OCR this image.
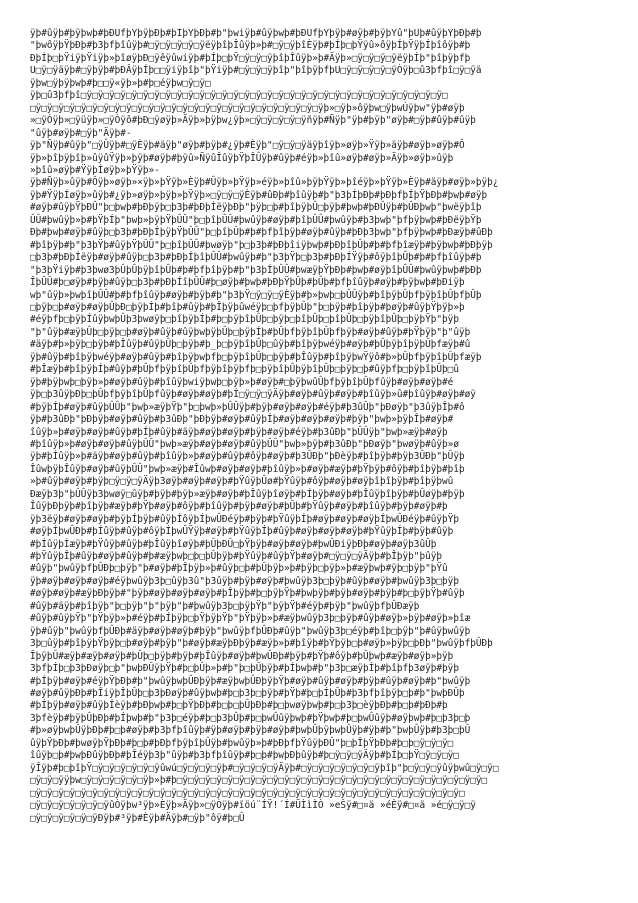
ÿþ#ûÿþ#þÿþwþ#þÐÛfþŸþÿþÐþ#þÍþŸþÐþ#þ"þwiÿþ#ûÿþwþ#þÐÛfþŸþÿþ#øÿþ#þÿþŸû"þÛþ#ûÿþŸþÐþ#þ
"þwôÿþŸþÐþ#þ3þfþîûÿþ#□ÿ□ÿ□ÿ□ÿ□ÿëÿþîþÎûÿþ»þ#□ÿ□ÿþîÈÿþ#þÍþ□þŸÿû»ôÿþÍþŸÿþÍþîôÿþ#þ
ÐþÍþ□þŸiÿþŸiÿþ»þîøÿþÐ□ÿêÿûwiÿþ#þÍþ□þŸ□ÿ□ÿ□ÿþîþÎûÿþ»þ#Äÿþ»□ÿ□ÿ□ÿ□ÿëÿþÍþ"þîþÿþfþ
U□ÿ□ÿäÿþ#□ÿþÿþ#þÐÂÿþÍþ□□ÿiÿþîþ"þŸiÿþ#□ÿ□ÿ□ÿþîþ"þîþÿþfþU□ÿ□ÿ□ÿ□ÿ□ÿÒÿþ□û3þfþî□ÿ□ÿä
ÿþw□ÿþÿþwþ#þ□□ÿ«ÿþ»þ#þ□éÿþw□ÿ□ÿ□
ÿþ□û3þfþî□ÿ□ÿ□ÿ□ÿ□ÿ□ÿ□ÿ□ÿ□ÿ□ÿ□ÿ□ÿ□ÿ□ÿ□ÿ□ÿ□ÿ□ÿ□ÿ□ÿ□ÿ□ÿ□ÿ□ÿ□ÿ□ÿ□ÿ□ÿ□ÿ□ÿ□ÿ□ÿ□
□ÿ□ÿ□ÿ□ÿ□ÿ□ÿ□ÿ□ÿ□ÿ□ÿ□ÿ□ÿ□ÿ□ÿ□ÿ□ÿ□ÿ□ÿ□ÿ□ÿ□ÿ□ÿ□ÿ□ÿ□ÿ□ÿþ»□ÿþ»ôÿþw□ÿþwÙÿþw"ÿþ#øÿþ
»□ÿÒÿþ»□ÿüÿþ»□ÿÒÿô#þÐ□ÿøÿþ»Äÿþ»þÿþw¿ÿþ»□ÿ□ÿ□ÿ□ÿ□ÿñÿþ#Ñÿþ"ÿþ#þÿþ"øÿþ#□ÿþ#ûÿþ#ûÿþ
"ûÿþ#øÿþ#□ÿþ"Äÿþ#-
ÿþ"Ñÿþ#ûÿþ"□ÿÛÿþ#□ÿÈÿþ#äÿþ"øÿþ#þÿþ#¿ÿþ#Èÿþ"□ÿ□ÿ□ÿäÿþîÿþ»øÿþ»Ÿÿþ»äÿþ#øÿþ»øÿþ#Ô
ÿþ»þîþÿþîþ»ûÿûŸÿþ»þÿþ#øÿþ#þÿû»ÑÿûÎûÿþŸþÎÛÿþ#ûÿþ#éÿþ»þîû»øÿþ#øÿþ»Äÿþ»øÿþ»ûÿþ
»þîû»øÿþ#ŸÿþÍøÿþ»þŸÿþ»-
ÿþ#Ñÿþ»ûÿþ#Ôÿþ»øÿþ»×ÿþ»þŸÿþ»Èÿþ#Ûÿþ»þŸÿþ»éÿþ»þîû»þÿþŸÿþ»þîéÿþ»þŸÿþ»Èÿþ#äÿþ#øÿþ»þÿþ¿
ÿþ#ŸÿþÍøÿþ»ûÿþ#¿ÿþ»øÿþ»þÿþ»þŸÿþ»□ÿ□ÿ□ÿÈÿþ#ûÐþ#þîûÿþ#þ"þ3þÍþÐþ#þÐþfþÍþŸþÐþ#þwþ#øÿþ
#øÿþ#ûÿþŸþÐÛ"þ□þwþ#þÐþÿþ□þ3þ#þÐþÍëÿþÐþ"þÿþ□þ#þîþÿþÛ□þÿþ#þwþ#þÐÛÿþ#þÛÐþwþ"þwëÿþîþ
ÛÛ#þwûÿþ»þ#þŸþÍþ"þwþ»þÿþŸþÛÛ"þ□þîþÛÛ#þwûÿþ#øÿþ#þîþÛÛ#þwûÿþ#þ3þwþ"þfþÿþwþ#þÐëÿþŸþ
Ðþ#þwþ#øÿþ#ûÿþ□þ3þ#þÐþÍþÿþŸþÛÛ"þ□þîþÛþ#þ#þfþîþÿþ#øÿþ#ûÿþ#þÐþ3þwþ"þfþÿþwþ#þÐæÿþ#ûÐþ
#þîþÿþ#þ"þ3þŸþ#ûÿþŸþÛÛ"þ□þîþÛÛ#þwøÿþ"þ□þ3þ#þÐþîiÿþwþ#þÐþîþÛþ#þ#þfþîæÿþ#þÿþwþ#þÐþÿþ
□þ3þ#þÐþÍëÿþ#øÿþ#ûÿþ□þ3þ#þÐþÍþîþÛÛ#þwûÿþ#þ"þ3þŸþ□þ3þ#þÐþÍŸÿþ#ôÿþîþÛþ#þ#þfþîûÿþ#þ
"þ3þŸiÿþ#þ3þwø3þÛþÛþÿþîþÛþ#þ#þfþîþÿþ#þ"þ3þÍþÛÛ#þwæÿþŸþÐþ#þwþ#øÿþîþÛÛ#þwûÿþwþ#þÐþ
ÎþÛÛ#þ□øÿþ#þÿþ#ûÿþ□þ3þ#þÐþÍîþÛÛ#þ□øÿþ#þwþ#þÐþŸþÛþ#þÛþ#þfþîûÿþ#øÿþ#þÿþwþ#þÐiÿþ
wþ"ûÿþ»þwþîþÛÛ#þ#þfþîûÿþ#øÿþ#þÿþ#þ"þ3þŸ□ÿ□ÿ□ÿÈÿþ#þ»þwþ□þÛÛÿþ#þîþÿþÛþfþÿþîþÛþfþÛþ
□þÿþ□þ#øÿþ#øÿþÛþÐ□þÿþÍþ#þîþ#ûÿþ#þÎþÿþûwéÿþ□þfþÿþÛþ"þ□þÿþ#þîþÿþ#þøÿþ#ûÿþŸþÿþ»þ
#éÿþfþ□þÿþÍûÿþwþÛþ3þwøÿþ□þîþÿþÍþ#þ□þÿþîþÛþ□þÿþ□þîþÛþ□þîþÛþ□þÿþîþÛþ□þÿþŸþ"þÿþ
"þ"ûÿþ#æÿþÛþ□þÿþ□þ#øÿþ#ûÿþ#ûÿþwþÿþÛþ□þÿþÍþ#þÛþfþÿþîþÛþfþÿþ#øÿþ#ûÿþ#þŸþÿþ"þ"ûÿþ
#äÿþ#þ»þÿþ□þÿþ#þÎûÿþ#ûÿþÛþ□þÿþ#þ_þ□þÿþîþÛþ□ûÿþ#þîþÿþwéÿþ#øÿþ#þÛþÿþîþÿþÛþfæÿþ#û
ÿþ#ûÿþ#þîþÿþwéÿþ#øÿþ#ûÿþ#þîþÿþwþfþ□þÿþîþÛþ□þÿþ#þÎûÿþ#þîþÿþwŸÿô#þ»þÛþfþÿþîþÛþfæÿþ
#þÎæÿþ#þîþÿþÍþ#ûÿþ#þÛþfþÿþîþÛþfþÿþîþÿþfþ□þÿþîþÛþÿþîþÛþ□þÿþ□þ#ûÿþfþ□þÿþîþÛþ□û
ÿþ#þÿþwþ□þÿþ»þ#øÿþ#ûÿþ#þîûÿþwiÿþwþ□þÿþ»þ#øÿþ#□þÿþwûÛþfþÿþîþÛþfûÿþ#øÿþ#øÿþ#é
ÿþ□þ3ûÿþÐþ□þÛþfþÿþîþÛþfûÿþ#øÿþ#øÿþ#þÍ□ÿ□ÿ□ÿÄÿþ#øÿþ#ûÿþ#øÿþ#þîûÿþ»û#þîûÿþ#øÿþ#øÿ
#þÿþÍþ#øÿþ#ûÿþÛÛþ"þwþ»æÿþŸþ"þ□þwþ»þÛÛÿþ#þÿþ#øÿþ#øÿþ#éÿþ#þ3ûÛþ"þÐøÿþ"þ3ûÿþÎþ#ô
ÿþ#þ3ûÐþ"þÐþÿþ#øÿþ#ûÿþ#þ3ûÐþ"þÐþÿþ#øÿþ#ûÿþÍþ#øÿþ#øÿþ#øÿþ#þÿþ"þwþ»þÿþÎþ#øÿþ#
îûÿþ»þ#øÿþ#øÿþ#ûÿþ#þÍþ#ûÿþ#äÿþ#øÿþ#øÿþ#þÿþ#øÿþ#éÿþ#þ3ûÐþ"þÛÛÿþ"þwþ»æÿþ#øÿþ
#þîûÿþ»þ#øÿþ#øÿþ#ûÿþÛÛ"þwþ»æÿþ#øÿþ#øÿþ#ûÿþÛÛ"þwþ»þÿþ#þ3ûÐþ"þÐøÿþ"þwøÿþ#ûÿþ»ø
ÿþ#þÍûÿþ»þ#äÿþ#øÿþ#ûÿþ#þîûÿþ»þ#øÿþ#ûÿþ#ôÿþ#øÿþ#þ3ÛÐþ"þÐèÿþ#þîþÿþ#þÿþ3ÛÐþ"þÛÿþ
ÎûwþÿþÎûÿþ#øÿþ#ûÿþÛÛ"þwþ»æÿþ#Îûwþ#øÿþ#øÿþ#þîûÿþ»þ#øÿþ#æÿþ#þŸþÿþ#ôÿþ#þîþÿþ#þîþ
»þ#ûÿþ#øÿþ#þÿþ□ÿ□ÿ□ÿÄÿþ3øÿþ#øÿþ#øÿþ#þŸûÿþÛø#þŸûÿþ#ôÿþ#øÿþ#øÿþîþîþÿþ#þîþÿþwû
Ðæÿþ3þ"þÛÛÿþ3þwøÿ□ûÿþ#þÿþ#þÿþ»æÿþ#øÿþ#þÎûÿþîøÿþ#þÍþÿþ#øÿþ#þÎûÿþîþÿþ#þÛøÿþ#þÿþ
ÎûÿþÐþÿþ#þîþÿþ#æÿþ#þŸþ#øÿþ#ôÿþ#þîûÿþ#þÿþ#øÿþ#þÛþ#þŸûÿþ#øÿþ#þîûÿþ#þÿþ#øÿþ#þ
ÿþ3ëÿþ#øÿþ#øÿþ#þÿþÍþÿþ#ûÿþÍôÿþÍþwÛÐéÿþ#þÿþ#þŸûÿþÍþ#øÿþ#øÿþ#øÿþÍþwÛÐéÿþ#ûÿþŸþ
#øÿþÍþwÛÐþ#þÍûÿþ#ûÿþ#ôÿþÍþwÛŸÿþ#øÿþ#þŸûÿþÍþ#ûÿþ#øÿþ#øÿþ#øÿþ#þŸûÿþÍþ#þÿþ#ûÿþ
#þÍûÿþÍæÿþ#þŸûÿþ#ûÿþ#þÎûÿþîøÿþ#þÛþÐÛ□þŸþÿþ#øÿþ#øÿþ#þwÛÐiÿþÐþ#øÿþ#øÿþ3ûÛþ
#þŸûÿþÎþ#ûÿþ#øÿþ#ûÿþ#þ#æÿþwþ□þ□þÛþÿþ#þŸûÿþ#ûÿþŸþ#øÿþ#□ÿ□ÿ□ÿÄÿþ#þÎþÿþ"þûÿþ
#ûÿþ"þwûÿþfþÛÐþ□þÿþ"þ#øÿþ#þÎþÿþ»þ#ûÿþ□þ#þÛþÿþ»þ#þÿþ□þÿþ»þ#æÿþwþ#ÿþ□þÿþ"þŸû
ÿþ#øÿþ#øÿþ#øÿþ#éÿþwûÿþ3þ□ûÿþ3û"þ3ûÿþ#þÿþ#øÿþ#þwûÿþ3þ□þÿþ#ûÿþ#øÿþ#þwûÿþ3þ□þÿþ
#øÿþ#øÿþ#æÿþÐþÿþ#"þÿþ#øÿþ#øÿþ#øÿþ#þÎþÿþ#þ□þÿþŸþ#þwþÿþ#þÿþ#øÿþ#þÿþ#þ□þÿþŸþ#ûÿþ
#ûÿþ#äÿþ#þîþÿþ"þ□þÿþ"þ"þÿþ"þ#þwûÿþ3þ□þÿþŸþ"þÿþŸþ#éÿþ#þÿþ"þwûÿþfþÛÐæÿþ
#ûÿþ#ûÿþŸþ"þŸþÿþ»þ#éÿþ#þÍþÿþ□þŸþÿþŸþ"þŸþÿþ»þ#æÿþwûÿþ3þ□þÿþ#ûÿþ#øÿþ»þÿþ#øÿþ»þîæ
ÿþ#ûÿþ"þwûÿþfþÛÐþ#äÿþ#øÿþ#øÿþ#þÿþ"þwûÿþfþÛÐþ#ûÿþ"þwûÿþ3þ□éÿþ#þîþ□þÿþ"þ#ûÿþwûÿþ
3þ□ûÿþ#þîþÿþŸþÿþ□þ#øÿþ#þÿþ"þ#øÿþ#æÿþÐþÿþ#æÿþ»þ#þîÿþ#þŸþÿþ□þ#øÿþ»þÿþ□þÐþ"þwûÿþfþÛÐþ
ÎþÿþÛ#æÿþ#æÿþ#øÿþ#þÛþ□þÿþ#þÿþ#þÎûÿþ#øÿþ#þwÛÐþ#þÿþ#þŸþ#ôÿþ#þÛþwþ#æÿþ#øÿþ»þÿþ
3þfþÍþ□þ3þÐøÿþ□þ"þwþÐÛÿþŸþ#þ□þÛþ»þ#þ"þ□þÛþÿþ#þÍþwþ#þ"þ3þ□æÿþÍþ#þîþfþ3øÿþ#þÿþ
#þÍþÿþ#øÿþ#éÿþŸþÐþ#þ"þwûÿþwþÛÐþÿþ#æÿþwþÛÐþÿþŸþ#øÿþ#ûÿþ#øÿþ#þÿþ#ûÿþ#øÿþ#þ"þwûÿþ
#øÿþ#ûÿþÐþ#þÎiÿþÎþÛþ□þ3þÐøÿþ#ûÿþwþ#þ□þ3þ□þÿþ#þŸþ#þ□þÍþÛþ#þ3þfþîþÿþ□þ#þ"þwþÐÛþ
#þÍþÿþ#øÿþ#ûÿþÍèÿþ#þÐþwþ#þ□þŸþÐþ#þ□þ□þÛþÐþ#þ□þwøÿþwþ#þ□þ3þ□èÿþÐþ#þ□þ#þÐþ#þ
3þfèÿþ#þÿþÛþÐþ#þÍþwþ#þ"þ3þ□éÿþ#þ□þ3þÛþ#þ□þwÛûÿþwþ#þŸþwþ#þ□þwÛûÿþ#øÿþwþ#þ□þ3þ□þ
#þ»øÿþwþÛÿþÐþ#þ□þ#øÿþ#þ3þfþîûÿþ#ÿþ#øÿþ#þÿþ#øÿþ#þwþÛþÿþwþÛÿþ#ÿþ#þ"þwþÛÿþ#þ3þ□þÛ
ûÿþŸþÐþ#þwøÿþŸþÐþ#þ□þ#þÐþfþÿþîþÛÿþ#þwûÿþ»þ#þÐþfþŸûÿþÐÛ"þ□þÎþŸþÐþ#þ□þ□ÿ□ÿ□ÿ□
îûÿþ□þ#þwþÐûÿþÐþ#þÎéÿþ3þ"ûÿþ#þ3þfþîûÿþ#þ□þ#þwþÐþûÿþ#þ□ÿ□ÿ□ÿÄÿþ#þÍþ□þŸ□ÿ□ÿ□ÿ□
ÿÎÿþ#þ□þîþŸ□ÿ□ÿ□ÿ□ÿ□ÿ□ÿûwú□ÿ□ÿ□ÿ□ÿþ#□ÿ□ÿ□ÿ□ÿÄÿþ#□ÿ□ÿ□ÿ□ÿ□ÿ□ÿ□ÿþîþ"þ□ÿ□ÿ□ÿûÿþwû□ÿ□ÿ□
□ÿ□ÿ□ÿÿþw□ÿ□ÿ□ÿ□ÿ□ÿ□ÿþ»þ#þ□ÿ□ÿ□ÿ□ÿ□ÿ□ÿ□ÿ□ÿ□ÿ□ÿ□ÿ□ÿ□ÿ□ÿ□ÿ□ÿ□ÿ□ÿ□ÿ□ÿ□ÿ□ÿ□ÿ□ÿ□ÿ□ÿ□ÿ□
□ÿ□ÿ□ÿ□ÿ□ÿ□ÿ□ÿ□ÿ□ÿ□ÿ□ÿ□ÿ□ÿ□ÿ□ÿ□ÿ□ÿ□ÿ□ÿ□ÿ□ÿ□ÿ□ÿ□ÿ□ÿ□ÿ□ÿ□ÿ□ÿ□ÿ□ÿ□ÿ□ÿ□ÿ□ÿ□ÿ□ÿ□ÿ□
□ÿ□ÿ□ÿ□ÿ□ÿ□ÿ□ÿûÒÿþw³ÿþ»Èÿþ»Äÿþ»□ÿÒÿþ#ïöú¨ÍŸ!´Í#ÜÌìÌÒ »eŠÿ#□¤ä »éÈÿ#□¤ä »é□ÿ□ÿ□ÿ
□ÿ□ÿ□ÿ□ÿ□ÿ□ÿÐÿþ#³ÿþ#Èÿþ#Äÿþ#□ÿþ"ôÿ#þ□Û
